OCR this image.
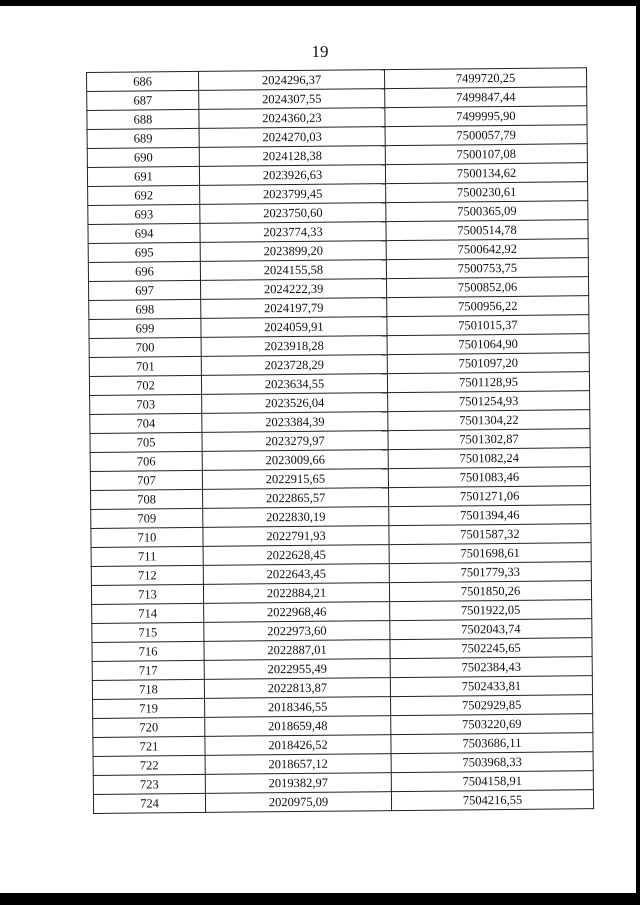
19
686	2024296,37	7499720,25
687	2024307,55	7499847,44
688	2024360,23	7499995,90
689	2024270,03	7500057,79
690	2024128,38	7500107,08
691	2023926,63	7500134,62
692	2023799,45	7500230,61
693	2023750,60	7500365,09
694	2023774,33	7500514,78
695	2023899,20	7500642,92
696	2024155,58	7500753,75
697	2024222,39	7500852,06
698	2024197,79	7500956,22
699	2024059,91	7501015,37
700	2023918,28	7501064,90
701	2023728,29	7501097,20
702	2023634,55	7501128,95
703	2023526,04	7501254,93
704	2023384,39	7501304,22
705	2023279,97	7501302,87
706	2023009,66	7501082,24
707	2022915,65	7501083,46
708	2022865,57	7501271,06
709	2022830,19	7501394,46
710	2022791,93	7501587,32
711	2022628,45	7501698,61
712	2022643,45	7501779,33
713	2022884,21	7501850,26
714	2022968,46	7501922,05
715	2022973,60	7502043,74
716	2022887,01	7502245,65
717	2022955,49	7502384,43
718	2022813,87	7502433,81
719	2018346,55	7502929,85
720	2018659,48	7503220,69
721	2018426,52	7503686,11
722	2018657,12	7503968,33
723	2019382,97	7504158,91
724	2020975,09	7504216,55
